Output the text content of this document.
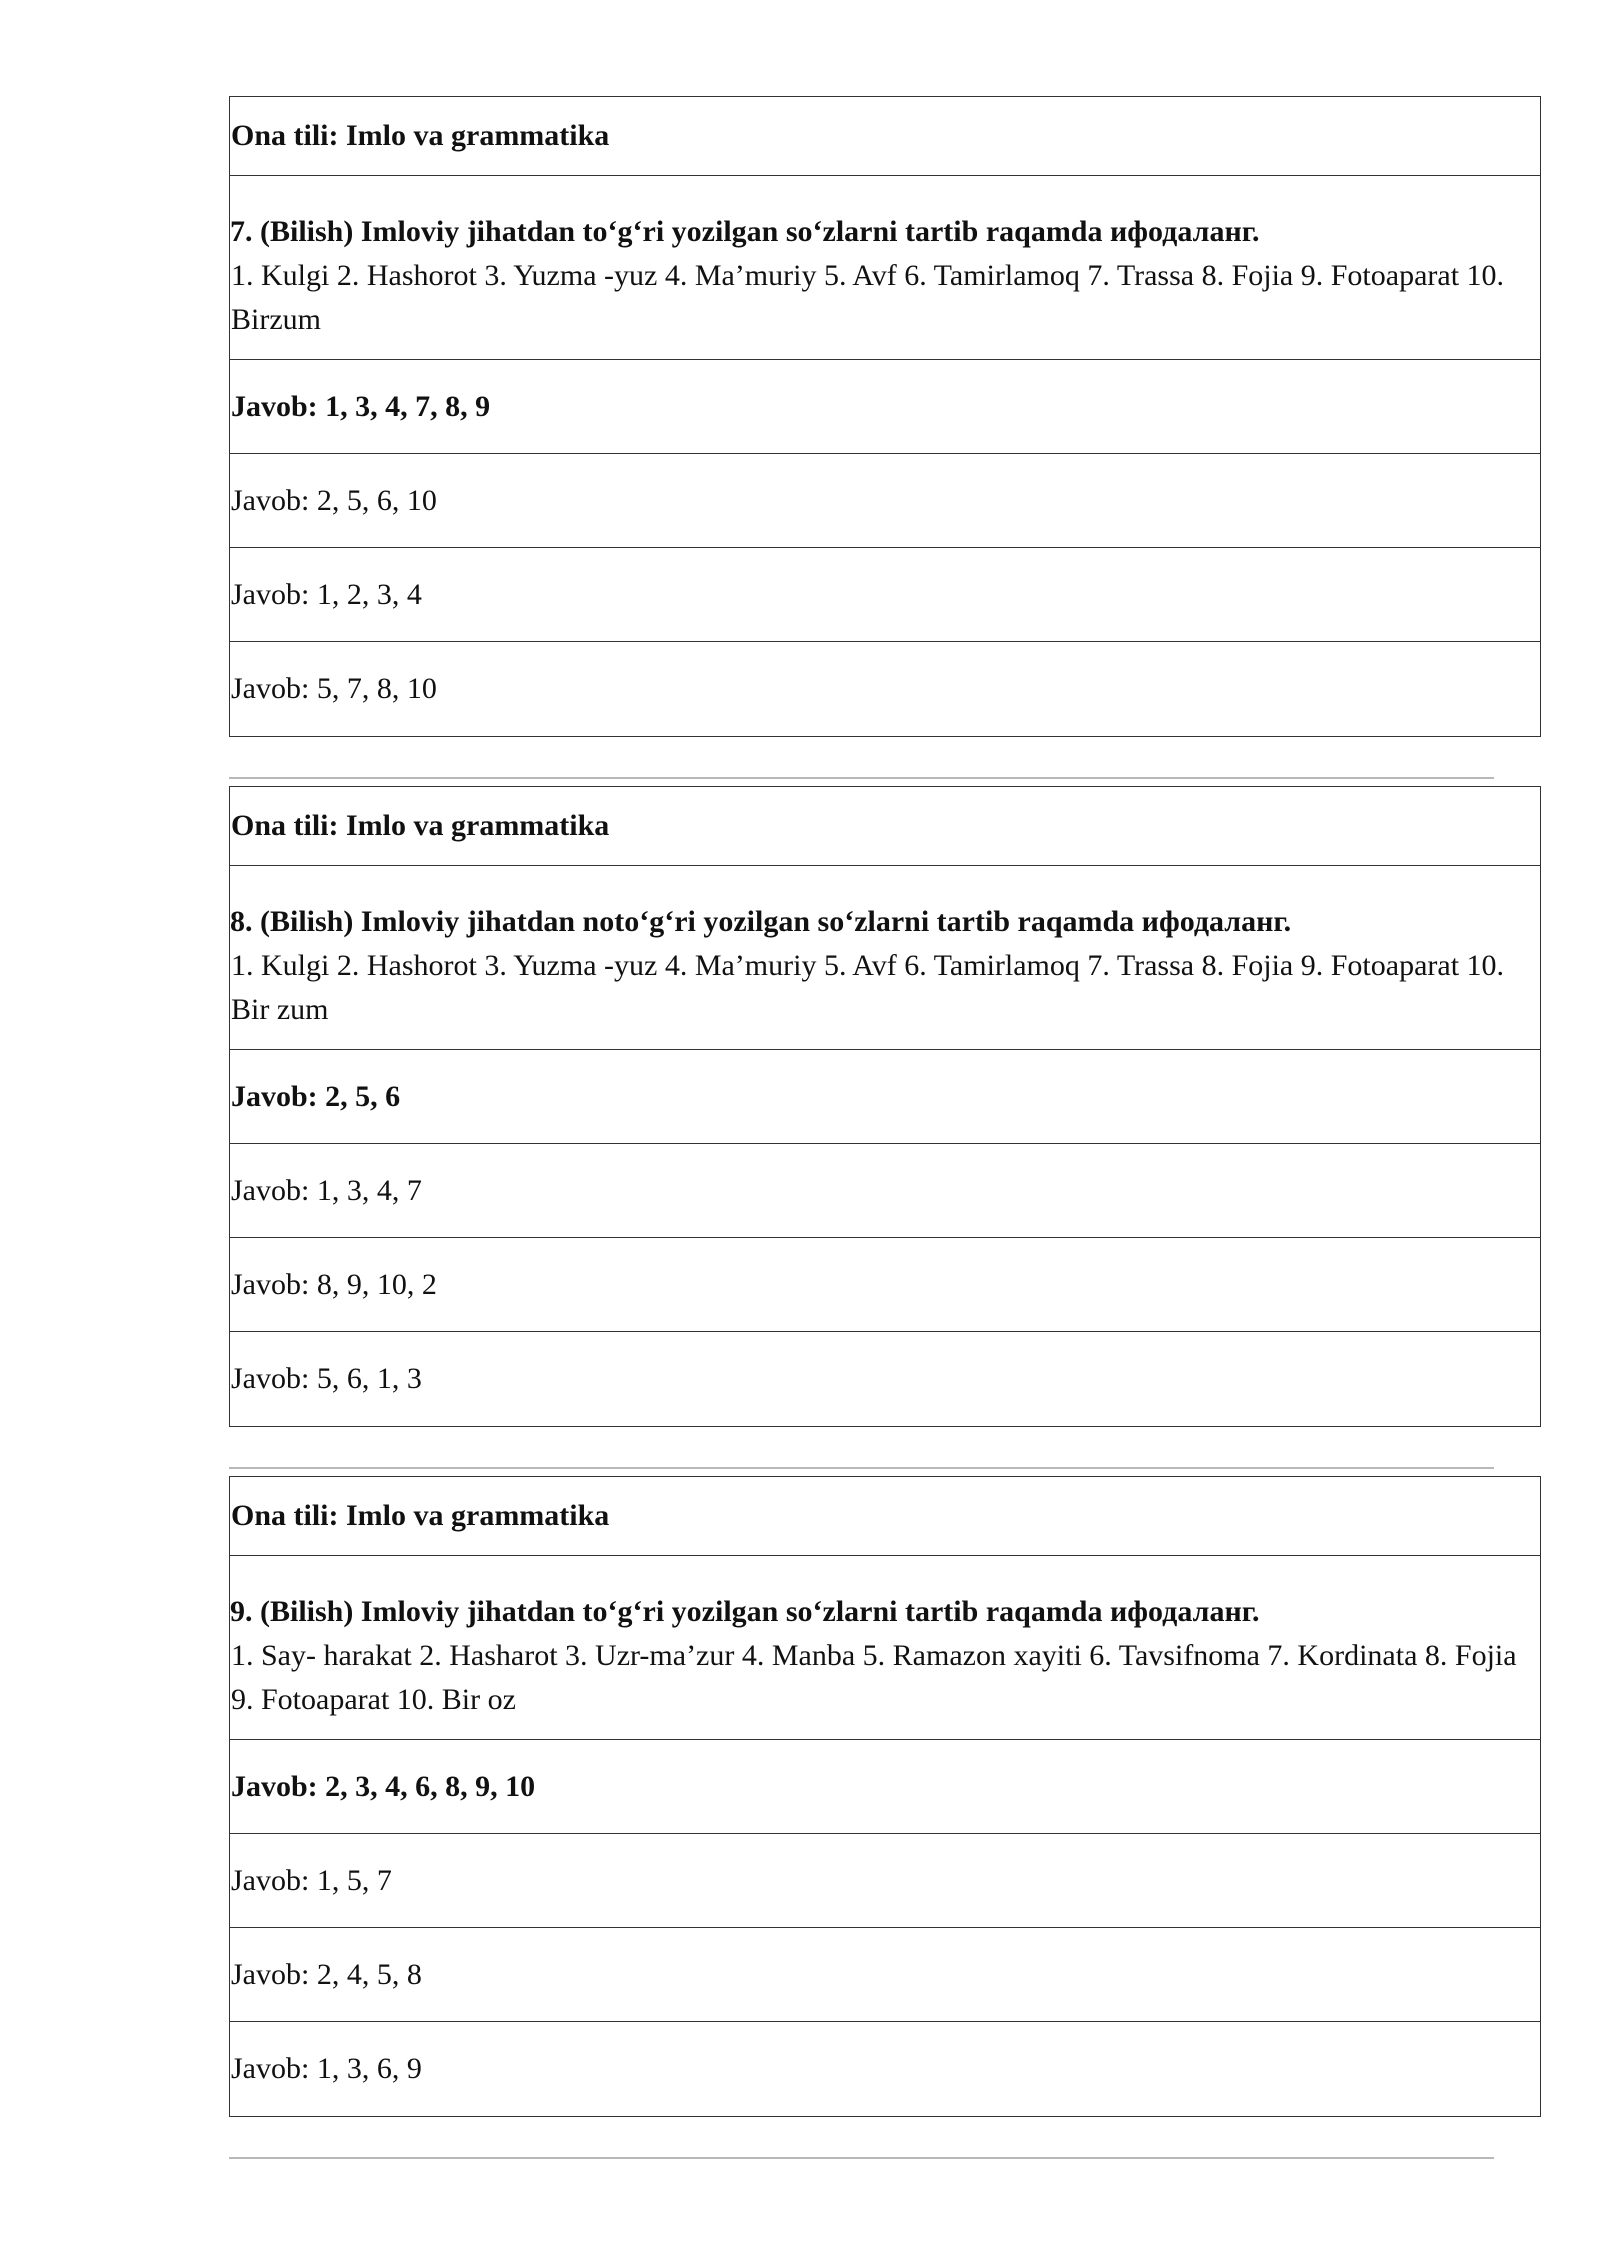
Ona tili: Imlo va grammatika
7. (Bilish) Imloviy jihatdan to‘g‘ri yozilgan so‘zlarni tartib raqamda ифодаланг.
1. Kulgi 2. Hashorot 3. Yuzma -yuz 4. Ma’muriy 5. Avf 6. Tamirlamoq 7. Trassa 8. Fojia 9. Fotoaparat 10. Birzum
Javob: 1, 3, 4, 7, 8, 9
Javob: 2, 5, 6, 10
Javob: 1, 2, 3, 4
Javob: 5, 7, 8, 10
Ona tili: Imlo va grammatika
8. (Bilish) Imloviy jihatdan noto‘g‘ri yozilgan so‘zlarni tartib raqamda ифодаланг.
1. Kulgi 2. Hashorot 3. Yuzma -yuz 4. Ma’muriy 5. Avf 6. Tamirlamoq 7. Trassa 8. Fojia 9. Fotoaparat 10. Bir zum
Javob: 2, 5, 6
Javob: 1, 3, 4, 7
Javob: 8, 9, 10, 2
Javob: 5, 6, 1, 3
Ona tili: Imlo va grammatika
9. (Bilish) Imloviy jihatdan to‘g‘ri yozilgan so‘zlarni tartib raqamda ифодаланг.
1. Say- harakat 2. Hasharot 3. Uzr-ma’zur 4. Manba 5. Ramazon xayiti 6. Tavsifnoma 7. Kordinata 8. Fojia 9. Fotoaparat 10. Bir oz
Javob: 2, 3, 4, 6, 8, 9, 10
Javob: 1, 5, 7
Javob: 2, 4, 5, 8
Javob: 1, 3, 6, 9
